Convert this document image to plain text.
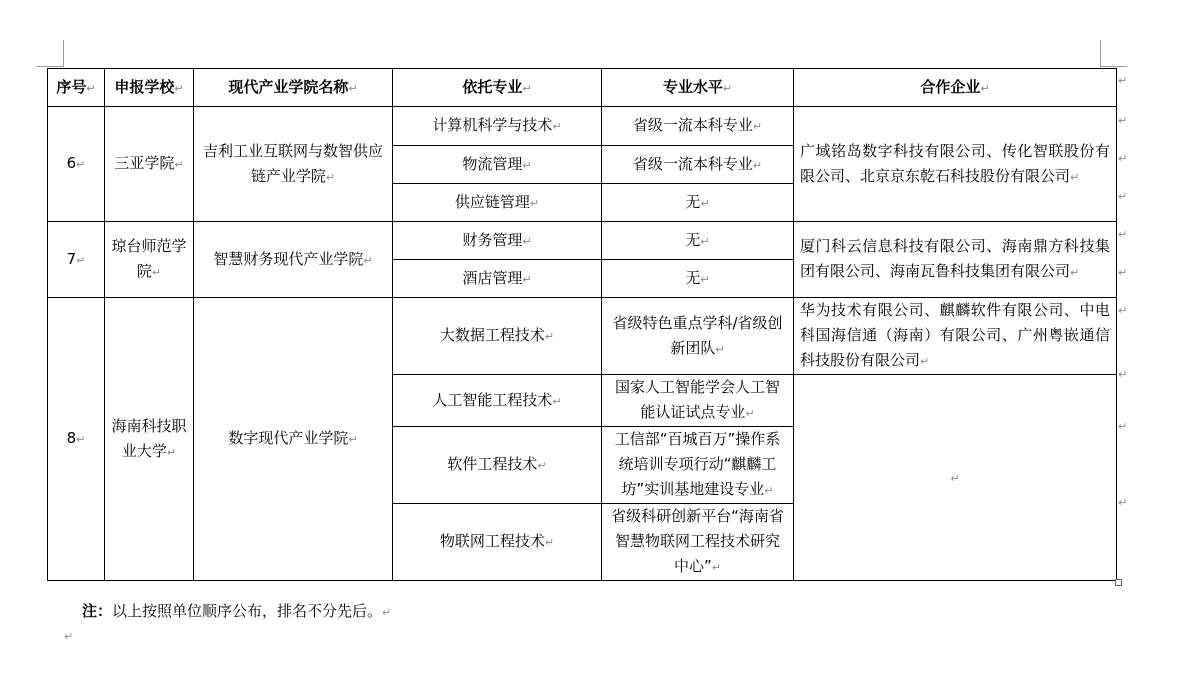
序号↵	申报学校↵	现代产业学院名称↵	依托专业↵	专业水平↵	合作企业↵
6↵	三亚学院↵	吉利工业互联网与数智供应链产业学院↵	计算机科学与技术↵	省级一流本科专业↵	广域铭岛数字科技有限公司、传化智联股份有限公司、北京京东乾石科技股份有限公司↵
			物流管理↵	省级一流本科专业↵	
			供应链管理↵	无↵	
7↵	琼台师范学院↵	智慧财务现代产业学院↵	财务管理↵	无↵	厦门科云信息科技有限公司、海南鼎方科技集团有限公司、海南瓦鲁科技集团有限公司↵
			酒店管理↵	无↵	
8↵	海南科技职业大学↵	数字现代产业学院↵	大数据工程技术↵	省级特色重点学科/省级创新团队↵	华为技术有限公司、麒麟软件有限公司、中电科国海信通（海南）有限公司、广州粤嵌通信科技股份有限公司↵
			人工智能工程技术↵	国家人工智能学会人工智能认证试点专业↵	↵
			软件工程技术↵	工信部“百城百万”操作系统培训专项行动“麒麟工坊”实训基地建设专业↵	
			物联网工程技术↵	省级科研创新平台“海南省智慧物联网工程技术研究中心”↵	
↵
↵
↵
↵
↵
↵
↵
↵
↵
↵
注：以上按照单位顺序公布，排名不分先后。↵
↵
